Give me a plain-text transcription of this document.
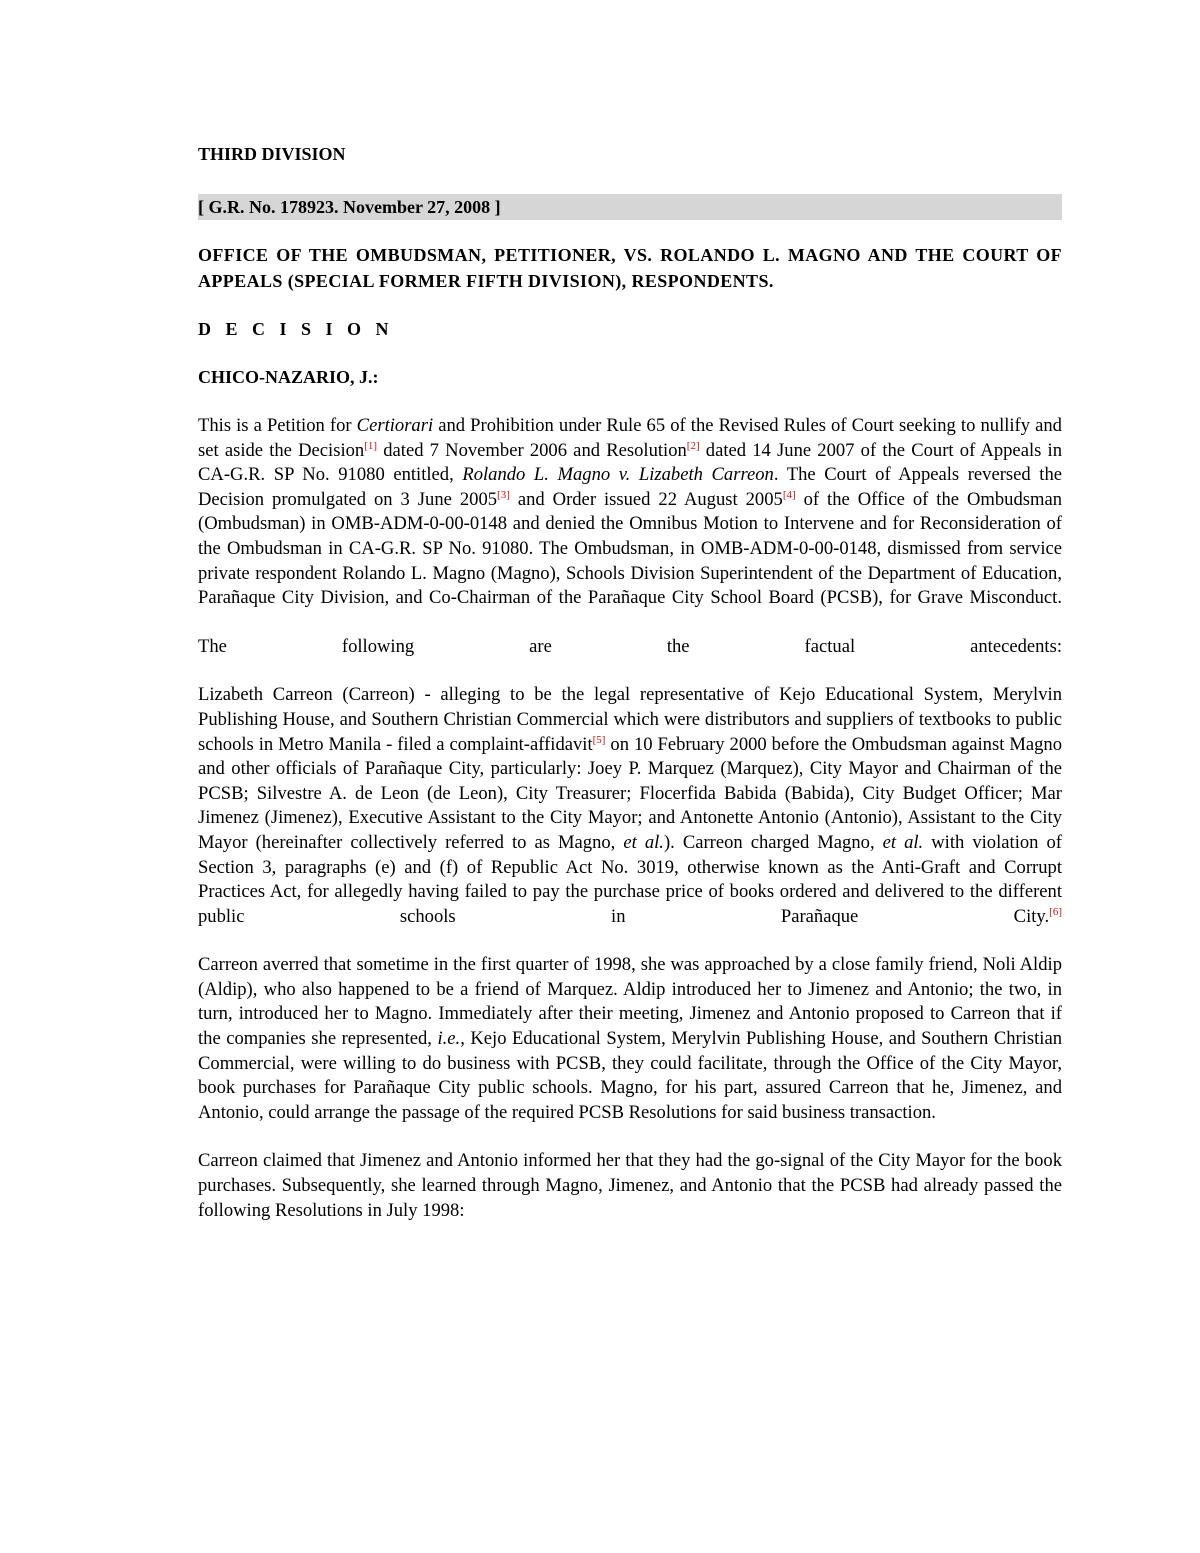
THIRD DIVISION
[ G.R. No. 178923. November 27, 2008 ]
OFFICE OF THE OMBUDSMAN, PETITIONER, VS. ROLANDO L. MAGNO AND THE COURT OF APPEALS (SPECIAL FORMER FIFTH DIVISION), RESPONDENTS.
D E C I S I O N
CHICO-NAZARIO, J.:

This is a Petition for Certiorari and Prohibition under Rule 65 of the Revised Rules of Court seeking to nullify and set aside the Decision[1] dated 7 November 2006 and Resolution[2] dated 14 June 2007 of the Court of Appeals in CA-G.R. SP No. 91080 entitled, Rolando L. Magno v. Lizabeth Carreon. The Court of Appeals reversed the Decision promulgated on 3 June 2005[3] and Order issued 22 August 2005[4] of the Office of the Ombudsman (Ombudsman) in OMB-ADM-0-00-0148 and denied the Omnibus Motion to Intervene and for Reconsideration of the Ombudsman in CA-G.R. SP No. 91080. The Ombudsman, in OMB-ADM-0-00-0148, dismissed from service private respondent Rolando L. Magno (Magno), Schools Division Superintendent of the Department of Education, Parañaque City Division, and Co-Chairman of the Parañaque City School Board (PCSB), for Grave Misconduct.

The following are the factual antecedents:

Lizabeth Carreon (Carreon) - alleging to be the legal representative of Kejo Educational System, Merylvin Publishing House, and Southern Christian Commercial which were distributors and suppliers of textbooks to public schools in Metro Manila - filed a complaint-affidavit[5] on 10 February 2000 before the Ombudsman against Magno and other officials of Parañaque City, particularly: Joey P. Marquez (Marquez), City Mayor and Chairman of the PCSB; Silvestre A. de Leon (de Leon), City Treasurer; Flocerfida Babida (Babida), City Budget Officer; Mar Jimenez (Jimenez), Executive Assistant to the City Mayor; and Antonette Antonio (Antonio), Assistant to the City Mayor (hereinafter collectively referred to as Magno, et al.). Carreon charged Magno, et al. with violation of Section 3, paragraphs (e) and (f) of Republic Act No. 3019, otherwise known as the Anti-Graft and Corrupt Practices Act, for allegedly having failed to pay the purchase price of books ordered and delivered to the different public schools in Parañaque City.[6]

Carreon averred that sometime in the first quarter of 1998, she was approached by a close family friend, Noli Aldip (Aldip), who also happened to be a friend of Marquez. Aldip introduced her to Jimenez and Antonio; the two, in turn, introduced her to Magno. Immediately after their meeting, Jimenez and Antonio proposed to Carreon that if the companies she represented, i.e., Kejo Educational System, Merylvin Publishing House, and Southern Christian Commercial, were willing to do business with PCSB, they could facilitate, through the Office of the City Mayor, book purchases for Parañaque City public schools. Magno, for his part, assured Carreon that he, Jimenez, and Antonio, could arrange the passage of the required PCSB Resolutions for said business transaction.

Carreon claimed that Jimenez and Antonio informed her that they had the go-signal of the City Mayor for the book purchases. Subsequently, she learned through Magno, Jimenez, and Antonio that the PCSB had already passed the following Resolutions in July 1998:
